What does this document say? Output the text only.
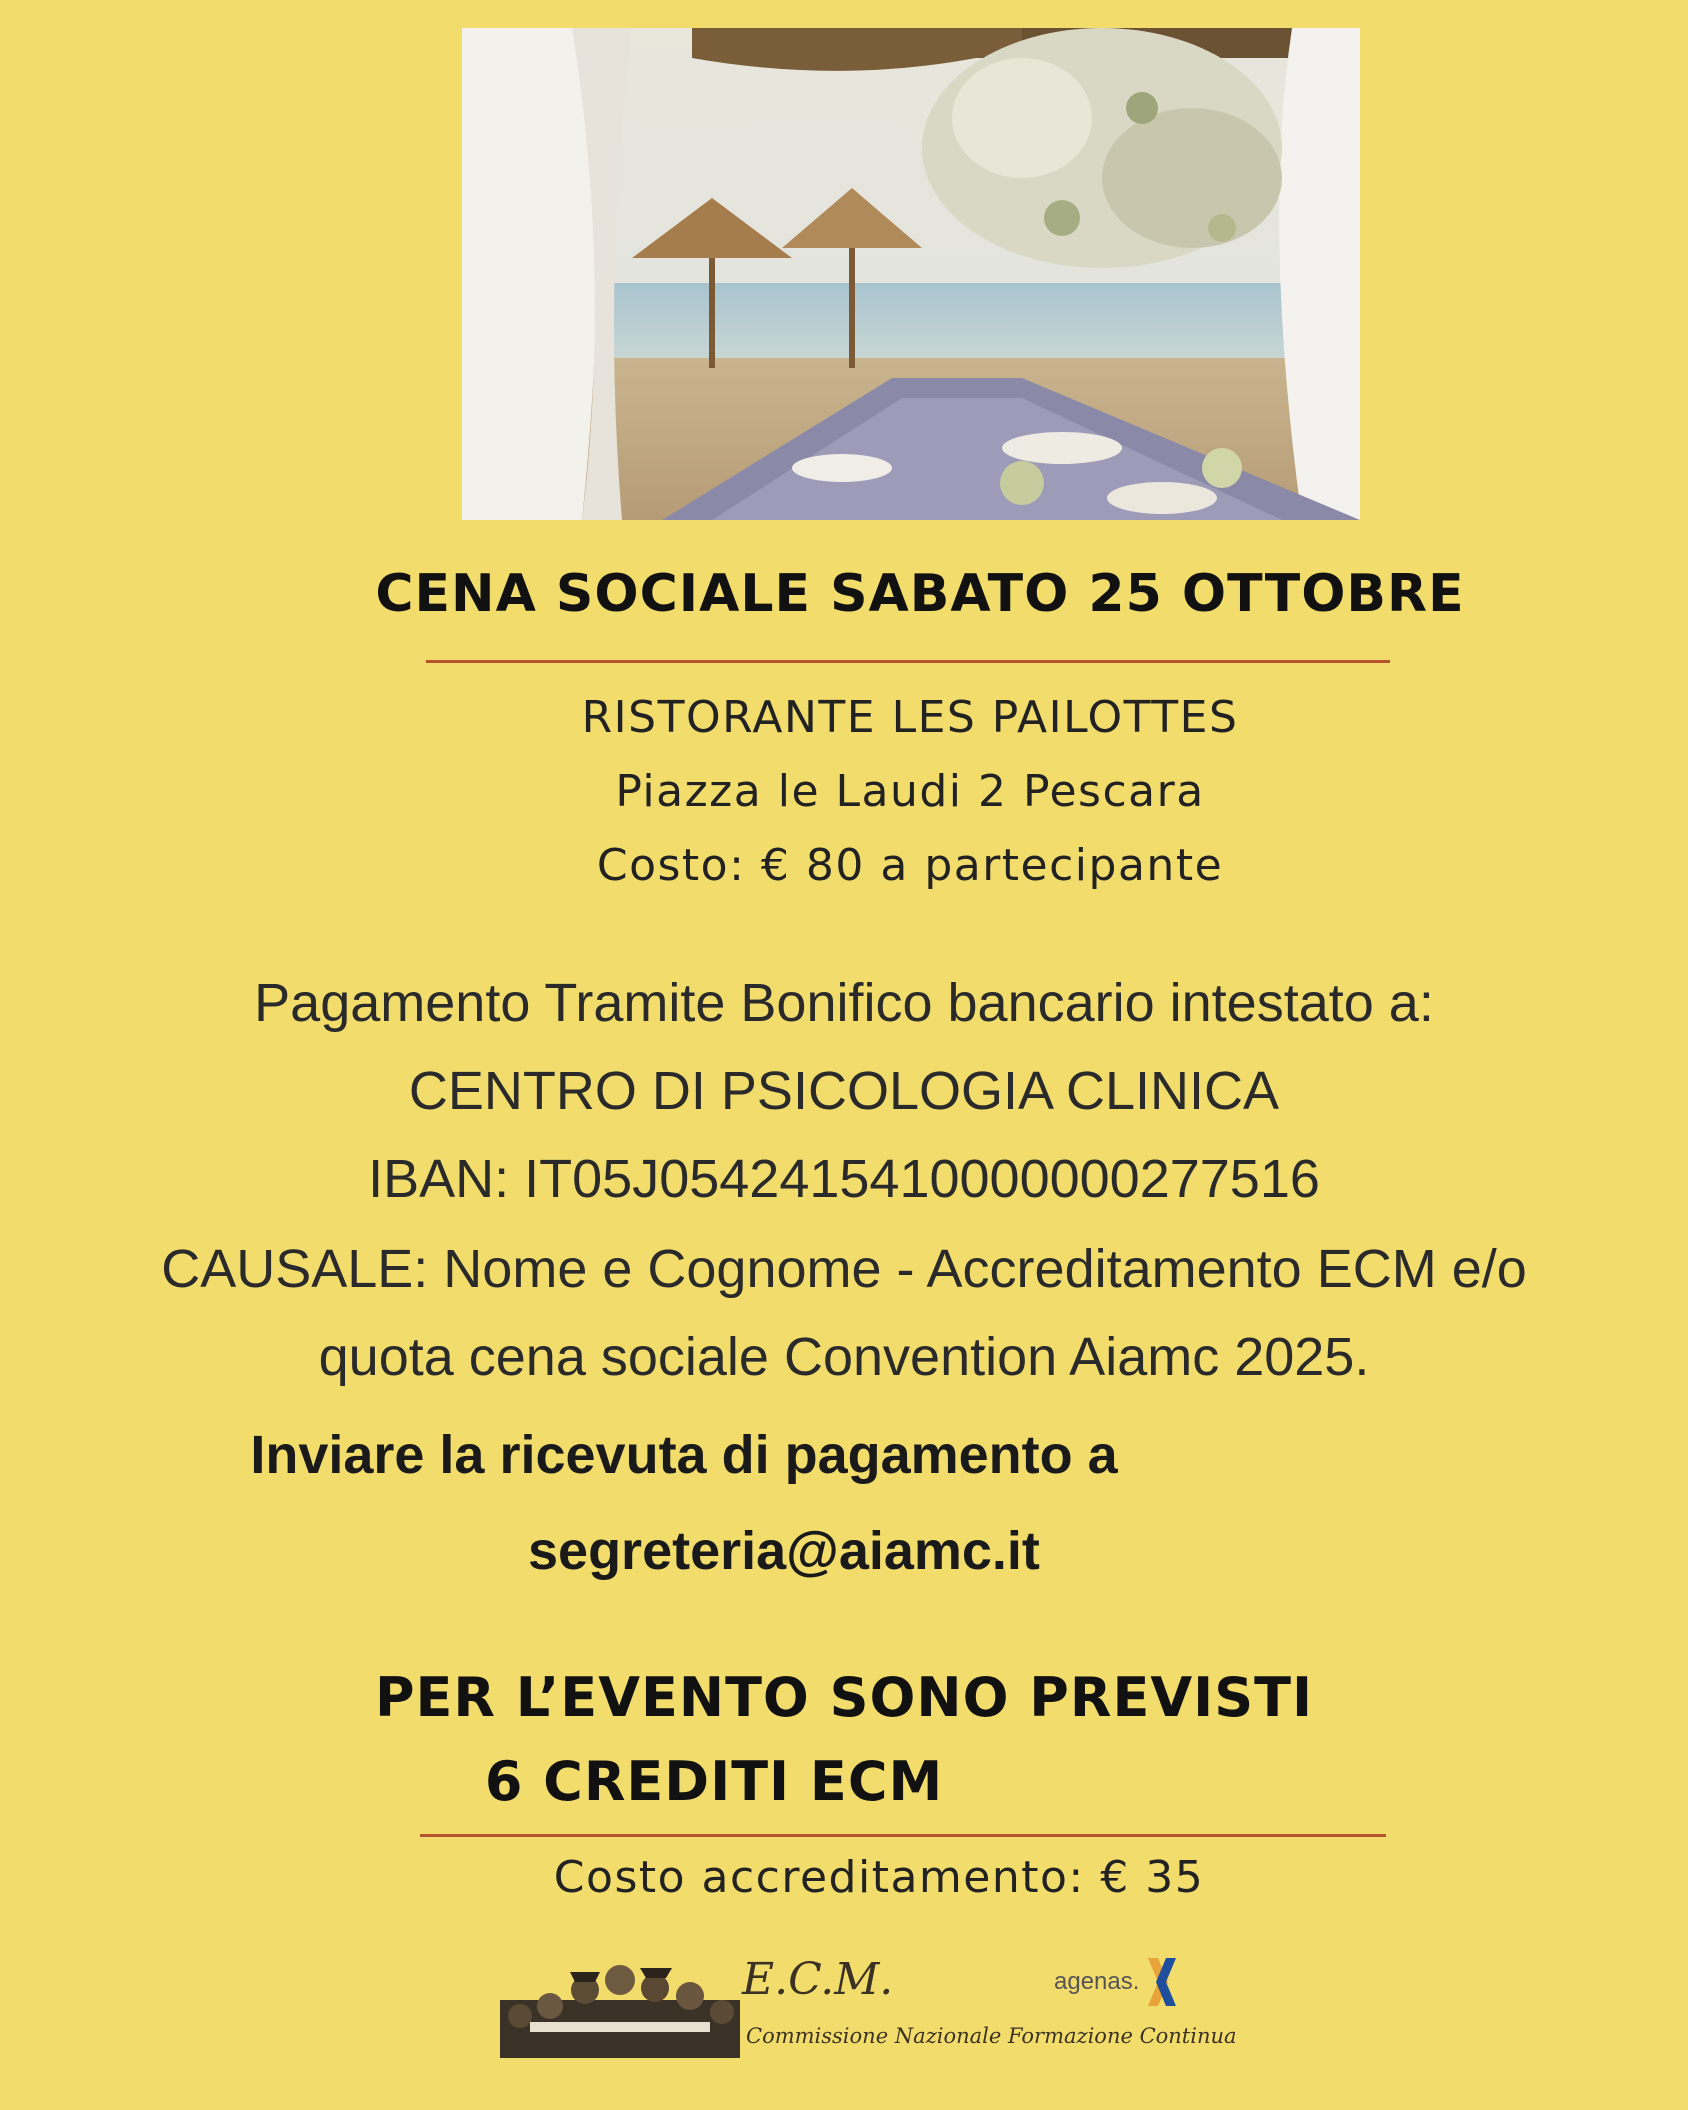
CENA SOCIALE SABATO 25 OTTOBRE
RISTORANTE LES PAILOTTES
Piazza le Laudi 2 Pescara
Costo: € 80 a partecipante
Pagamento Tramite Bonifico bancario intestato a:
CENTRO DI PSICOLOGIA CLINICA
IBAN: IT05J0542415410000000277516
CAUSALE: Nome e Cognome - Accreditamento ECM e/o
quota cena sociale Convention Aiamc 2025.
Inviare la ricevuta di pagamento a
segreteria@aiamc.it
PER L’EVENTO SONO PREVISTI
6 CREDITI ECM
Costo accreditamento: € 35
E.C.M.
Commissione Nazionale Formazione Continua
agenas.
